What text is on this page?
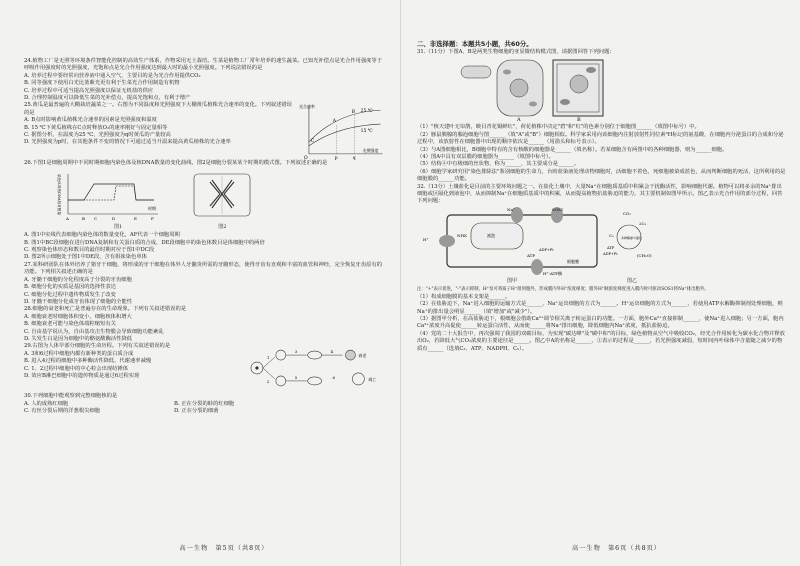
24.植物工厂是无照等环境条件智能化控制的高效生产体系，作物采用无土栽培。生菜是植物工厂常年培养的速生蔬菜。已知光补偿点是光合作用强度等于呼吸作用强度时的光照强度，光饱和点是光合作用强度达到最大时的最小光照强度。下列说法错误的是

A. 培养过程中要经常向营养液中通入空气，主要目的是为光合作用提供CO₂

B. 同等强度下使用白光比蓝紫光更有利于生菜光合作用制造有机物

C. 培养过程中可适当提高光照强度以保证无机盐的供应

D. 合理控制温度可以降低生菜的光补偿点，提高光饱和点，有利于增产

25.黄瓜是最普遍的大棚栽培蔬菜之一。右图为不同温度和光照强度下大棚黄瓜植株光合速率的变化。下列叙述错误的是

A. B点时影响黄瓜植株光合速率的因素是光照强度和温度

B. 15 ℃下黄瓜植株在C点时释放O₂的速率刚好与固定量相等

C. 据图分析，在温度为25 ℃、光照强度为q时黄瓜的产量较高

D. 光照强度为p时，在其他条件不变的情况下可通过适当升温来提高黄瓜植株的光合速率

25 ℃
15 ℃
A
B
C
O	p	q
光照强度
光合速率

26.下图1是细胞周期中不同时期细胞内染色体及核DNA数量的变化曲线，图2是细胞分裂某某个时期的模式图。下列叙述正确的是

A	B C	D	E	F
时期
染色体或核DNA相对数量
图1	图2

A. 图1中实线代表细胞内染色体的数量变化，AF代表一个细胞周期

B. 图1中BC段细胞在进行DNA复制和有关蛋白质的合成，DE段细胞中的染色体数目是体细胞中的两倍

C. 观察染色体形态和数目的最佳时期对应于图1中DC段

D. 图2所示细胞处于图1中DE段，含有姐妹染色单体

27.某科研团队在体外培养了猪牙干细胞，将形成的牙干细胞在体外人牙髓炎所需的牙髓形态，使得牙齿有直观和丰富的血管和神经，完全恢复牙齿原有的功能。下列相关叙述正确的是

A. 牙髓干细胞的分化程度高于分裂的牙齿细胞

B. 细胞分化的实质是基因的选择性表达

C. 细胞分化过程中遗传物质发生了改变

D. 牙髓干细胞分化成牙齿体现了细胞的全能性

28.细胞的衰老和死亡是普遍存在的生命现象。下列有关叙述错误的是

A. 细胞衰老时细胞体积变小，细胞核体积增大

B. 细胞衰老可能与染色体端粒缩短有关

C. 自由基学说认为，自由基攻击生物膜会导致细胞功能紊乱

D. 失发生白是因为细胞中的酪氨酸酶活性降低

29.右图为人体早部分细胞的生命历程。下列有关叙述错误的是

A. 3和6过程中细胞内都有新种类的蛋白质合成

B. 进入4过程的细胞中多种酶活性降低，代谢速率减慢

C. 1、2过程中细胞中的中心粒会出现纺锤体

D. 效应B淋巴细胞中的遗传物质是通过6过程实现

1
2
3	4
5	6
衰老
凋亡

30.下列细胞中能观察到完整细胞核的是

A. 人的成熟红细胞	B. 正在分裂的蛙的红细胞

C. 有丝分裂后期的洋葱根尖细胞	D. 正在分裂的细菌

高一生物　第5页（共8页）

二、非选择题：本题共5小题，共60分。

31.（11分）下图A、B是两类生物细胞的亚显微结构模式图，请据图回答下列问题：

A	B

（1）"核天建叶无帘鹊，映目青花铜鲜红"，荷花植株中决定"碧"和"红"的色素分别位于细胞图______（填图中标号）中。

（2）豚鼠胰腺的腺泡细胞与图______（填"A"或"B"）细胞相似。科学家采用向该细胞内注射放射性同位素³H标记的氨基酸，在细胞内分泌蛋白的合成和分泌过程中，该放射性在细胞器中出现的顺序依次是______（用箭头和标号表示）。

（3）与A图细胞相比，B细胞中特有的含有核酸的细胞器是______（填名称）。若某细胞含有两图中的各种细胞器，则为______细胞。

（4）图A中具有双层膜的细胞器为______（填图中标号）。

（5）结构④中有极细的丝状物，称为______，其主要成分是______。

（6）细胞学家研究用"染色排除法"鉴别细胞的生命力，台盼蓝染液处理动物细胞时，活细胞不着色，死细胞被染成蓝色，从而判断细胞的死活，这所利用的是细胞膜的______功能。

32.（13分）土壤盐化是目前的主要环境问题之一。在盐化土壤中，大量Na⁺在细胞质基质中积累会干扰酶活性，影响细胞代谢。植物可以将多余的Na⁺排出细胞或区隔化到液泡中，从而抑制Na⁺在细胞质基质中的积累，从而提高植物抗盐胁迫的能力，其主要机制如图甲所示。图乙表示光合作用的部分过程，回答下列问题：

液泡
SOS1
NHX
ATP
ADP+Pi
Na⁺
H⁺
H⁺-ATP酶
细胞膜
CO₂
2C₃
C₅ 多种酶参与催化
(CH₂O)
ATP
ADP+Pi
图甲	图乙

注："+"表示促进，"-"表示抑制，H⁺泵可将质子H⁺排到胞外，形成膜内外H⁺浓度梯度；膜外H⁺顺浓度梯度进入膜内时可驱动SOS1将Na⁺排出胞外。

（1）构成细胞膜的基本支架是______。

（2）在盐胁迫下，Na⁺进入细胞的运输方式是______，Na⁺运出细胞的方式为______。H⁺运出细胞的方式为______，若使用ATP水解酶抑制剂处理细胞，则Na⁺的排出量会明显______（填"增加"或"减少"）。

（3）据图甲分析，在高盐胁迫下，根细胞会借助Ca²⁺调节相关离子转运蛋白的功能。一方面，胞外Ca²⁺直接抑制______，使Na⁺进入细胞；另一方面，胞内Ca²⁺浓度升高促使______转运蛋白活性，从而使______将Na⁺排出细胞，降低细胞内Na⁺浓度，抵抗盐胁迫。

（4）党的二十大报告中，再次强调了我国的双碳目标，为实现"碳达峰"及"碳中和"的目标，绿色植物从空气中吸收CO₂，经光合作用转化为碳水化合物并释放出O₂，若降低大气CO₂浓度的主要途径是______。图乙中A的名称是______，①表示的过程是______，若光照强度减弱，短时间内叶绿体中含量随之减少的物质有______（选填C₃、ATP、NADPH、C₅）。

高一生物　第6页（共8页）
